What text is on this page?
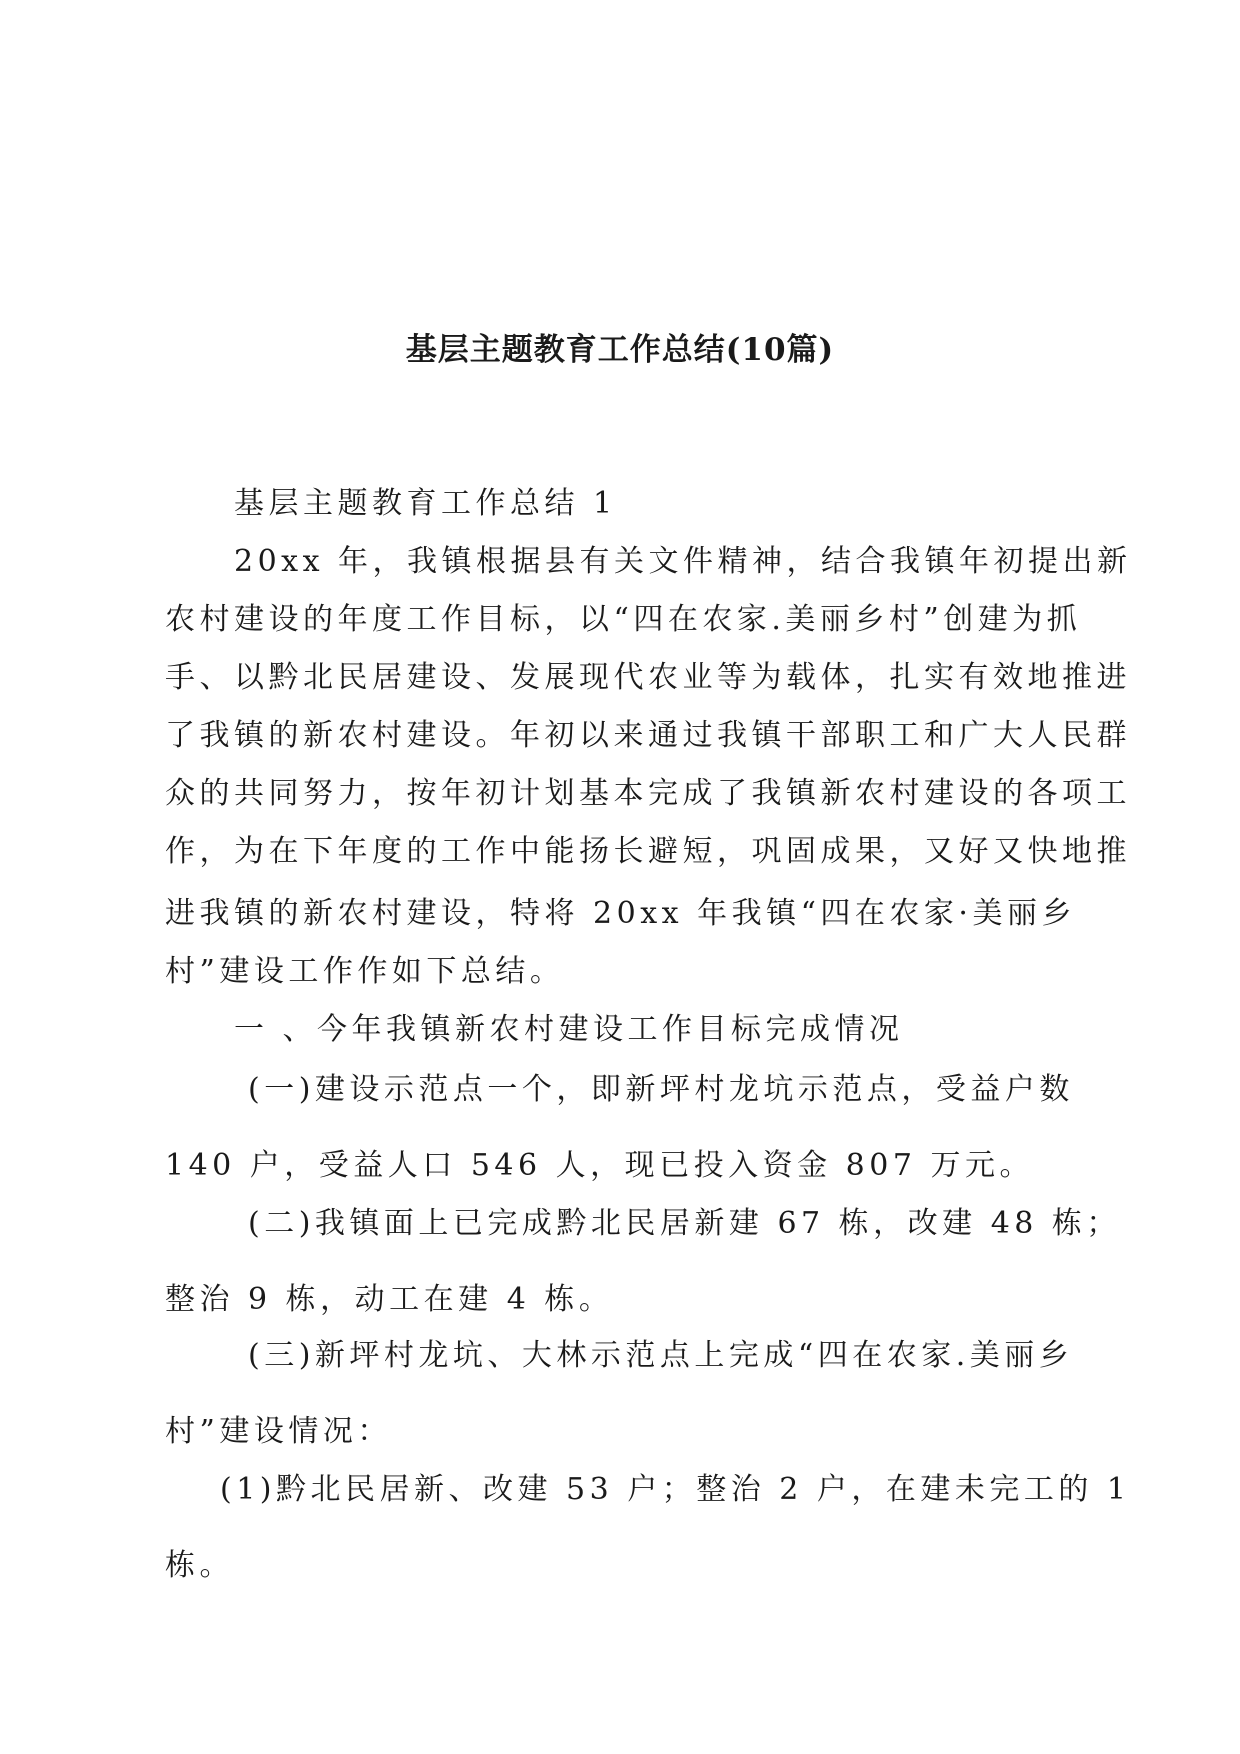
基层主题教育工作总结(10篇)
基层主题教育工作总结 1
20xx 年，我镇根据县有关文件精神，结合我镇年初提出新
农村建设的年度工作目标，以“四在农家.美丽乡村”创建为抓
手、以黔北民居建设、发展现代农业等为载体，扎实有效地推进
了我镇的新农村建设。年初以来通过我镇干部职工和广大人民群
众的共同努力，按年初计划基本完成了我镇新农村建设的各项工
作，为在下年度的工作中能扬长避短，巩固成果，又好又快地推
进我镇的新农村建设，特将 20xx 年我镇“四在农家·美丽乡
村”建设工作作如下总结。
一 、今年我镇新农村建设工作目标完成情况
(一)建设示范点一个，即新坪村龙坑示范点，受益户数
140 户，受益人口 546 人，现已投入资金 807 万元。
(二)我镇面上已完成黔北民居新建 67 栋，改建 48 栋；
整治 9 栋，动工在建 4 栋。
(三)新坪村龙坑、大林示范点上完成“四在农家.美丽乡
村”建设情况：
(1)黔北民居新、改建 53 户；整治 2 户，在建未完工的 1
栋。
